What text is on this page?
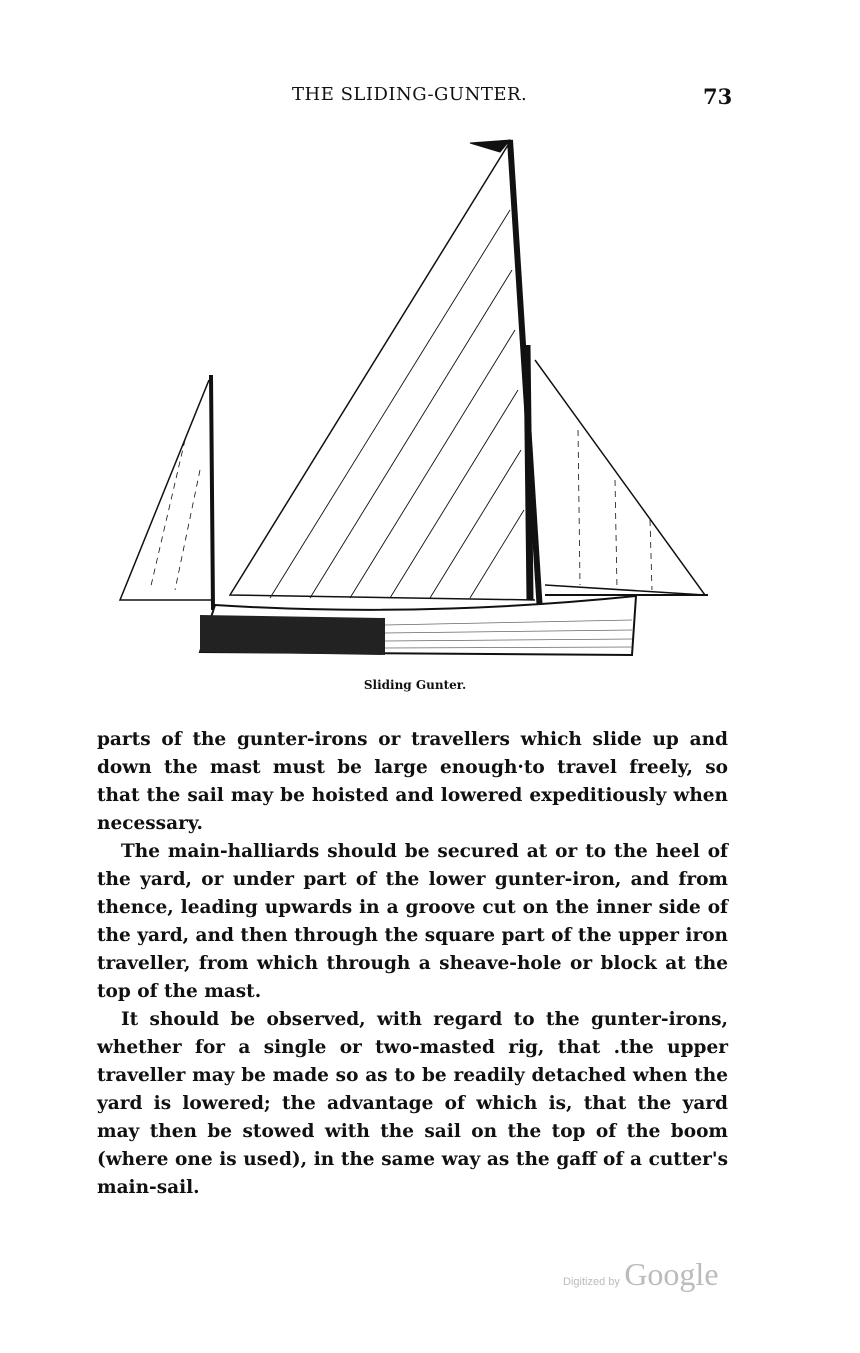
THE SLIDING-GUNTER.	73
Sliding Gunter.
parts of the gunter-irons or travellers which slide up and
down the mast must be large enough·to travel freely, so
that the sail may be hoisted and lowered expeditiously when
necessary.
The main-halliards should be secured at or to the heel of
the yard, or under part of the lower gunter-iron, and from
thence, leading upwards in a groove cut on the inner side of
the yard, and then through the square part of the upper iron
traveller, from which through a sheave-hole or block at the
top of the mast.
It should be observed, with regard to the gunter-irons,
whether for a single or two-masted rig, that .the upper
traveller may be made so as to be readily detached when the
yard is lowered; the advantage of which is, that the yard
may then be stowed with the sail on the top of the boom
(where one is used), in the same way as the gaff of a cutter's
main-sail.
Digitized by Google
